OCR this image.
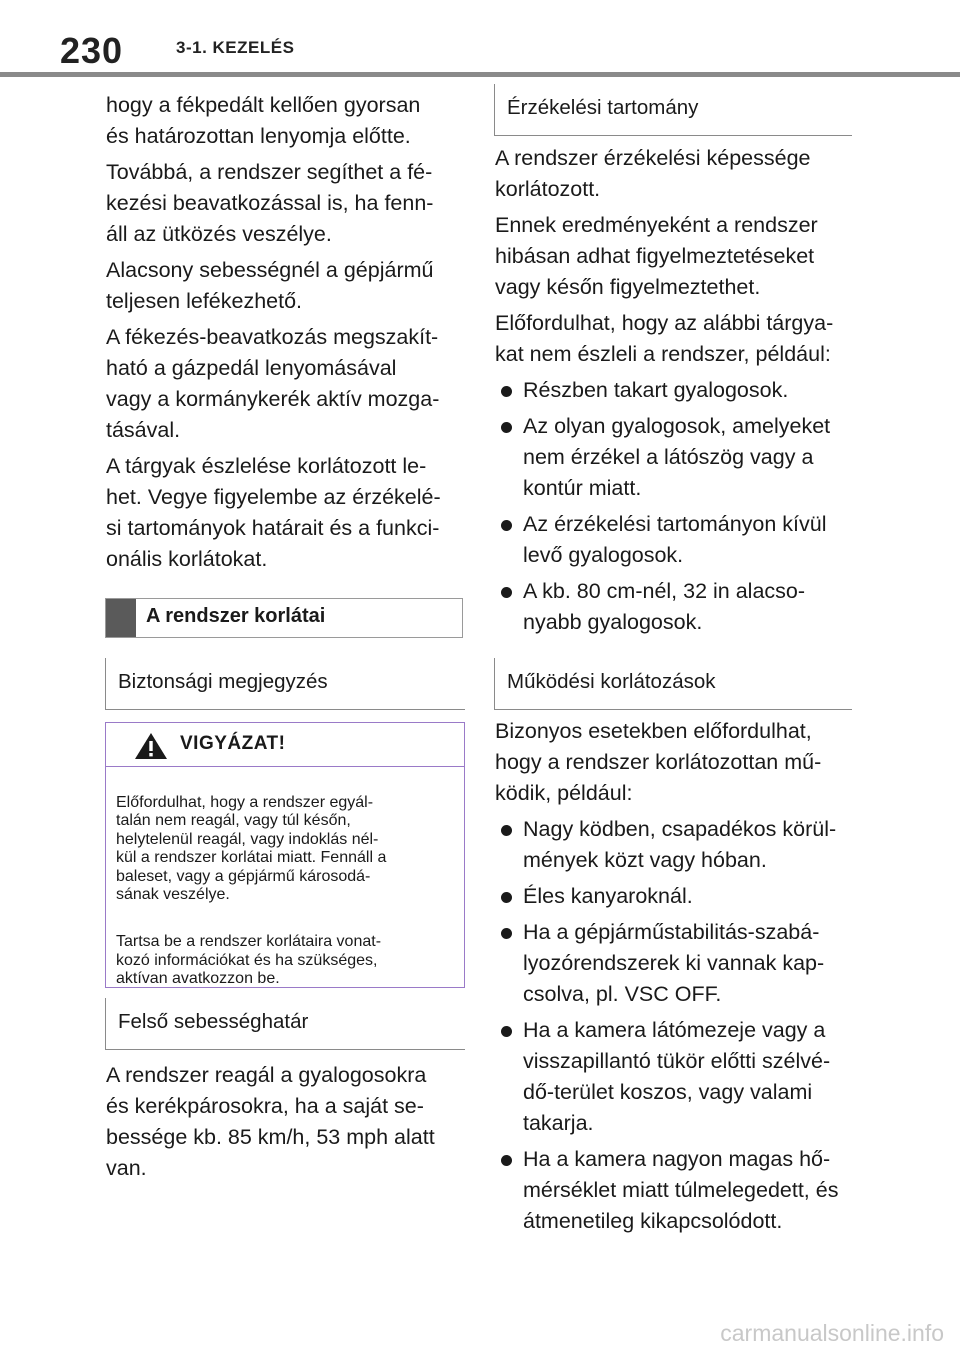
230	3-1. KEZELÉS

hogy a fékpedált kellően gyorsan
és határozottan lenyomja előtte.

Továbbá, a rendszer segíthet a fé-
kezési beavatkozással is, ha fenn-
áll az ütközés veszélye.

Alacsony sebességnél a gépjármű
teljesen lefékezhető.

A fékezés-beavatkozás megszakít-
ható a gázpedál lenyomásával
vagy a kormánykerék aktív mozga-
tásával.

A tárgyak észlelése korlátozott le-
het. Vegye figyelembe az érzékelé-
si tartományok határait és a funkci-
onális korlátokat.

A rendszer korlátai
Biztonsági megjegyzés
VIGYÁZAT!

Előfordulhat, hogy a rendszer egyál-
talán nem reagál, vagy túl későn,
helytelenül reagál, vagy indoklás nél-
kül a rendszer korlátai miatt. Fennáll a
baleset, vagy a gépjármű károsodá-
sának veszélye.

Tartsa be a rendszer korlátaira vonat-
kozó információkat és ha szükséges,
aktívan avatkozzon be.

Felső sebességhatár

A rendszer reagál a gyalogosokra
és kerékpárosokra, ha a saját se-
bessége kb. 85 km/h, 53 mph alatt
van.

Érzékelési tartomány

A rendszer érzékelési képessége
korlátozott.

Ennek eredményeként a rendszer
hibásan adhat figyelmeztetéseket
vagy későn figyelmeztethet.

Előfordulhat, hogy az alábbi tárgya-
kat nem észleli a rendszer, például:

Részben takart gyalogosok.
Az olyan gyalogosok, amelyeket
nem érzékel a látószög vagy a
kontúr miatt.
Az érzékelési tartományon kívül
levő gyalogosok.
A kb. 80 cm-nél, 32 in alacso-
nyabb gyalogosok.
Működési korlátozások

Bizonyos esetekben előfordulhat,
hogy a rendszer korlátozottan mű-
ködik, például:

Nagy ködben, csapadékos körül-
mények közt vagy hóban.
Éles kanyaroknál.
Ha a gépjárműstabilitás-szabá-
lyozórendszerek ki vannak kap-
csolva, pl. VSC OFF.
Ha a kamera látómezeje vagy a
visszapillantó tükör előtti szélvé-
dő-terület koszos, vagy valami
takarja.
Ha a kamera nagyon magas hő-
mérséklet miatt túlmelegedett, és
átmenetileg kikapcsolódott.
carmanualsonline.info
